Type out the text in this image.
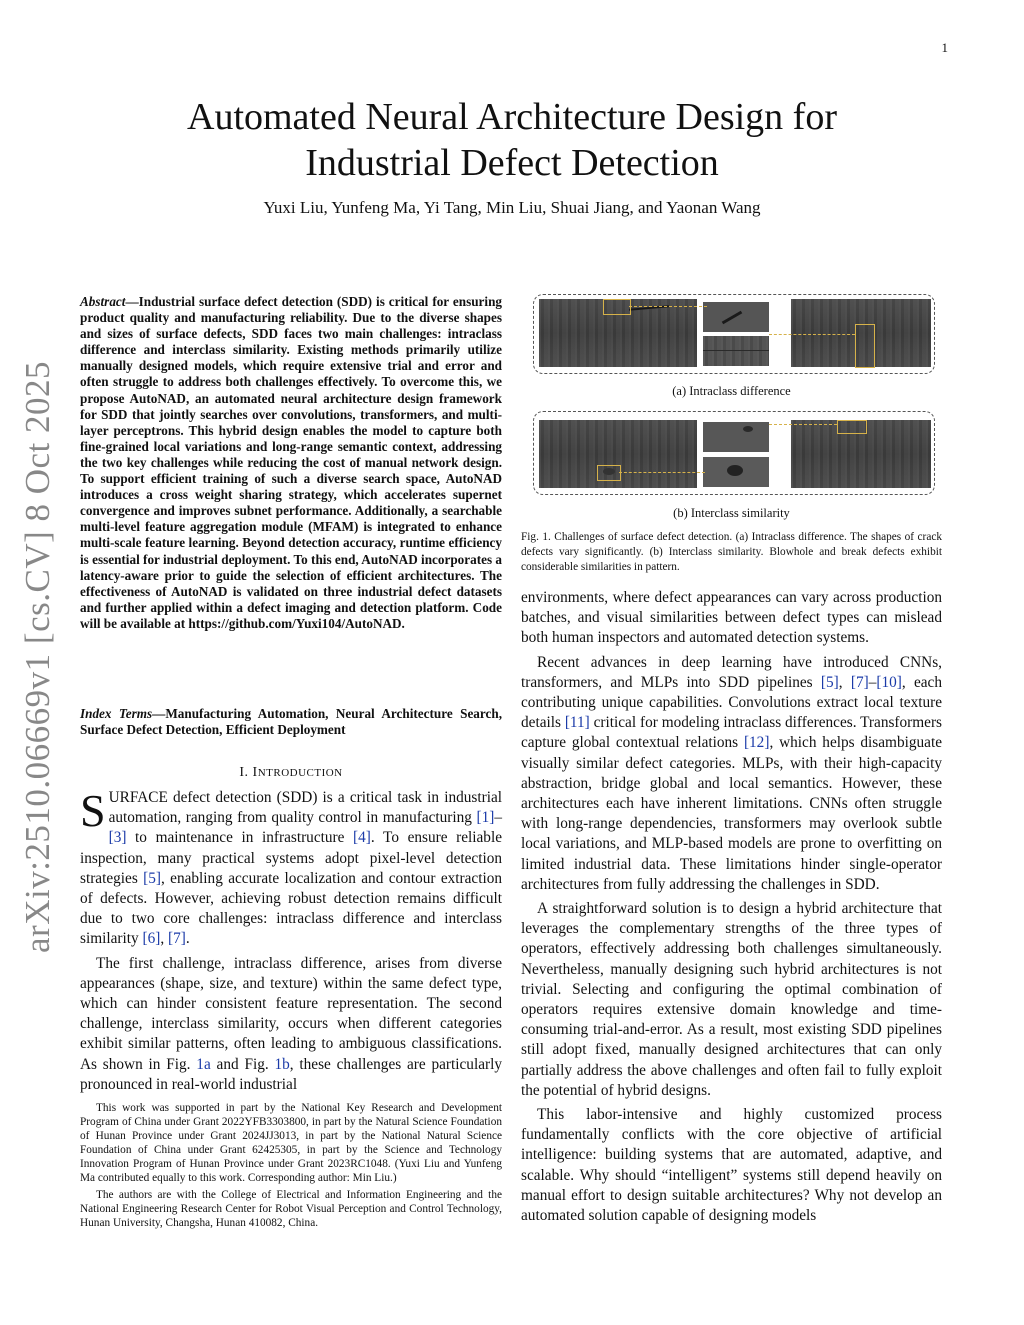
1
Automated Neural Architecture Design for
Industrial Defect Detection
Yuxi Liu, Yunfeng Ma, Yi Tang, Min Liu, Shuai Jiang, and Yaonan Wang
arXiv:2510.06669v1 [cs.CV] 8 Oct 2025
Abstract—Industrial surface defect detection (SDD) is critical for ensuring product quality and manufacturing reliability. Due to the diverse shapes and sizes of surface defects, SDD faces two main challenges: intraclass difference and interclass similarity. Existing methods primarily utilize manually designed models, which require extensive trial and error and often struggle to address both challenges effectively. To overcome this, we propose AutoNAD, an automated neural architecture design framework for SDD that jointly searches over convolutions, transformers, and multi-layer perceptrons. This hybrid design enables the model to capture both fine-grained local variations and long-range semantic context, addressing the two key challenges while reducing the cost of manual network design. To support efficient training of such a diverse search space, AutoNAD introduces a cross weight sharing strategy, which accelerates supernet convergence and improves subnet performance. Additionally, a searchable multi-level feature aggregation module (MFAM) is integrated to enhance multi-scale feature learning. Beyond detection accuracy, runtime efficiency is essential for industrial deployment. To this end, AutoNAD incorporates a latency-aware prior to guide the selection of efficient architectures. The effectiveness of AutoNAD is validated on three industrial defect datasets and further applied within a defect imaging and detection platform. Code will be available at https://github.com/Yuxi104/AutoNAD.
Index Terms—Manufacturing Automation, Neural Architecture Search, Surface Defect Detection, Efficient Deployment
I. INTRODUCTION

SURFACE defect detection (SDD) is a critical task in industrial automation, ranging from quality control in manufacturing [1]–[3] to maintenance in infrastructure [4]. To ensure reliable inspection, many practical systems adopt pixel-level detection strategies [5], enabling accurate localization and contour extraction of defects. However, achieving robust detection remains difficult due to two core challenges: intraclass difference and interclass similarity [6], [7].

The first challenge, intraclass difference, arises from diverse appearances (shape, size, and texture) within the same defect type, which can hinder consistent feature representation. The second challenge, interclass similarity, occurs when different categories exhibit similar patterns, often leading to ambiguous classifications. As shown in Fig. 1a and Fig. 1b, these challenges are particularly pronounced in real-world industrial

This work was supported in part by the National Key Research and Development Program of China under Grant 2022YFB3303800, in part by the Natural Science Foundation of Hunan Province under Grant 2024JJ3013, in part by the National Natural Science Foundation of China under Grant 62425305, in part by the Science and Technology Innovation Program of Hunan Province under Grant 2023RC1048. (Yuxi Liu and Yunfeng Ma contributed equally to this work. Corresponding author: Min Liu.)

The authors are with the College of Electrical and Information Engineering and the National Engineering Research Center for Robot Visual Perception and Control Technology, Hunan University, Changsha, Hunan 410082, China.

(a) Intraclass difference
(b) Interclass similarity
Fig. 1. Challenges of surface defect detection. (a) Intraclass difference. The shapes of crack defects vary significantly. (b) Interclass similarity. Blowhole and break defects exhibit considerable similarities in pattern.

environments, where defect appearances can vary across production batches, and visual similarities between defect types can mislead both human inspectors and automated detection systems.

Recent advances in deep learning have introduced CNNs, transformers, and MLPs into SDD pipelines [5], [7]–[10], each contributing unique capabilities. Convolutions extract local texture details [11] critical for modeling intraclass differences. Transformers capture global contextual relations [12], which helps disambiguate visually similar defect categories. MLPs, with their high-capacity abstraction, bridge global and local semantics. However, these architectures each have inherent limitations. CNNs often struggle with long-range dependencies, transformers may overlook subtle local variations, and MLP-based models are prone to overfitting on limited industrial data. These limitations hinder single-operator architectures from fully addressing the challenges in SDD.

A straightforward solution is to design a hybrid architecture that leverages the complementary strengths of the three types of operators, effectively addressing both challenges simultaneously. Nevertheless, manually designing such hybrid architectures is not trivial. Selecting and configuring the optimal combination of operators requires extensive domain knowledge and time-consuming trial-and-error. As a result, most existing SDD pipelines still adopt fixed, manually designed architectures that can only partially address the above challenges and often fail to fully exploit the potential of hybrid designs.

This labor-intensive and highly customized process fundamentally conflicts with the core objective of artificial intelligence: building systems that are automated, adaptive, and scalable. Why should “intelligent” systems still depend heavily on manual effort to design suitable architectures? Why not develop an automated solution capable of designing models
